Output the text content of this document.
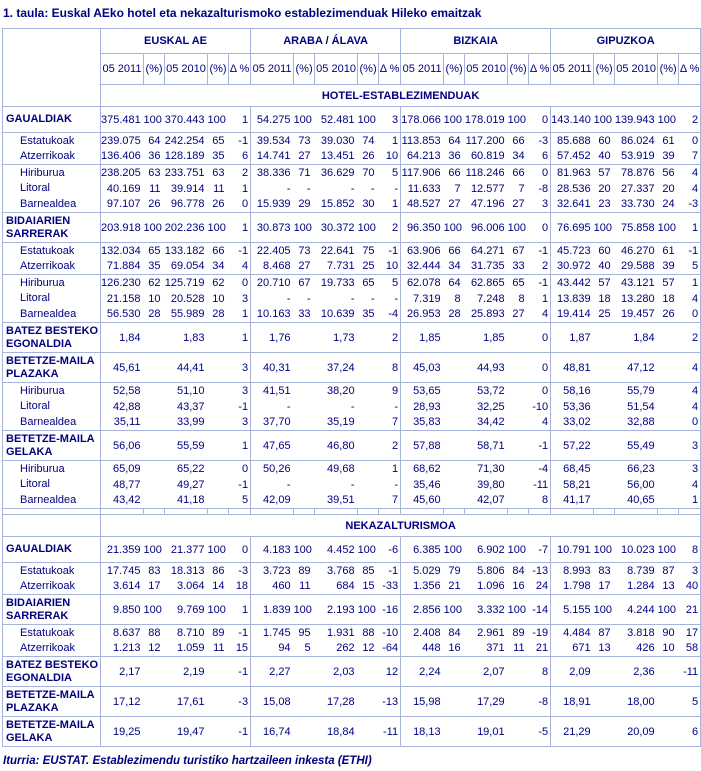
1. taula: Euskal AEko hotel eta nekazalturismoko establezimenduak Hileko emaitzak
	EUSKAL AE					ARABA / ÁLAVA					BIZKAIA					GIPUZKOA				
	05 2011	(%)	05 2010	(%)	Δ %	05 2011	(%)	05 2010	(%)	Δ %	05 2011	(%)	05 2010	(%)	Δ %	05 2011	(%)	05 2010	(%)	Δ %
	HOTEL-ESTABLEZIMENDUAK																			
GAUALDIAK	375.481	100	370.443	100	1	54.275	100	52.481	100	3	178.066	100	178.019	100	0	143.140	100	139.943	100	2
Estatukoak	239.075	64	242.254	65	-1	39.534	73	39.030	74	1	113.853	64	117.200	66	-3	85.688	60	86.024	61	0
Atzerrikoak	136.406	36	128.189	35	6	14.741	27	13.451	26	10	64.213	36	60.819	34	6	57.452	40	53.919	39	7
Hiriburua	238.205	63	233.751	63	2	38.336	71	36.629	70	5	117.906	66	118.246	66	0	81.963	57	78.876	56	4
Litoral	40.169	11	39.914	11	1	-	-	-	-	-	11.633	7	12.577	7	-8	28.536	20	27.337	20	4
Barnealdea	97.107	26	96.778	26	0	15.939	29	15.852	30	1	48.527	27	47.196	27	3	32.641	23	33.730	24	-3
BIDAIARIEN SARRERAK	203.918	100	202.236	100	1	30.873	100	30.372	100	2	96.350	100	96.006	100	0	76.695	100	75.858	100	1
Estatukoak	132.034	65	133.182	66	-1	22.405	73	22.641	75	-1	63.906	66	64.271	67	-1	45.723	60	46.270	61	-1
Atzerrikoak	71.884	35	69.054	34	4	8.468	27	7.731	25	10	32.444	34	31.735	33	2	30.972	40	29.588	39	5
Hiriburua	126.230	62	125.719	62	0	20.710	67	19.733	65	5	62.078	64	62.865	65	-1	43.442	57	43.121	57	1
Litoral	21.158	10	20.528	10	3	-	-	-	-	-	7.319	8	7.248	8	1	13.839	18	13.280	18	4
Barnealdea	56.530	28	55.989	28	1	10.163	33	10.639	35	-4	26.953	28	25.893	27	4	19.414	25	19.457	26	0
BATEZ BESTEKO EGONALDIA	1,84		1,83		1	1,76		1,73		2	1,85		1,85		0	1,87		1,84		2
BETETZE-MAILA PLAZAKA	45,61		44,41		3	40,31		37,24		8	45,03		44,93		0	48,81		47,12		4
Hiriburua	52,58		51,10		3	41,51		38,20		9	53,65		53,72		0	58,16		55,79		4
Litoral	42,88		43,37		-1	-		-		-	28,93		32,25		-10	53,36		51,54		4
Barnealdea	35,11		33,99		3	37,70		35,19		7	35,83		34,42		4	33,02		32,88		0
BETETZE-MAILA GELAKA	56,06		55,59		1	47,65		46,80		2	57,88		58,71		-1	57,22		55,49		3
Hiriburua	65,09		65,22		0	50,26		49,68		1	68,62		71,30		-4	68,45		66,23		3
Litoral	48,77		49,27		-1	-		-		-	35,46		39,80		-11	58,21		56,00		4
Barnealdea	43,42		41,18		5	42,09		39,51		7	45,60		42,07		8	41,17		40,65		1

	NEKAZALTURISMOA																			
GAUALDIAK	21.359	100	21.377	100	0	4.183	100	4.452	100	-6	6.385	100	6.902	100	-7	10.791	100	10.023	100	8
Estatukoak	17.745	83	18.313	86	-3	3.723	89	3.768	85	-1	5.029	79	5.806	84	-13	8.993	83	8.739	87	3
Atzerrikoak	3.614	17	3.064	14	18	460	11	684	15	-33	1.356	21	1.096	16	24	1.798	17	1.284	13	40
BIDAIARIEN SARRERAK	9.850	100	9.769	100	1	1.839	100	2.193	100	-16	2.856	100	3.332	100	-14	5.155	100	4.244	100	21
Estatukoak	8.637	88	8.710	89	-1	1.745	95	1.931	88	-10	2.408	84	2.961	89	-19	4.484	87	3.818	90	17
Atzerrikoak	1.213	12	1.059	11	15	94	5	262	12	-64	448	16	371	11	21	671	13	426	10	58
BATEZ BESTEKO EGONALDIA	2,17		2,19		-1	2,27		2,03		12	2,24		2,07		8	2,09		2,36		-11
BETETZE-MAILA PLAZAKA	17,12		17,61		-3	15,08		17,28		-13	15,98		17,29		-8	18,91		18,00		5
BETETZE-MAILA GELAKA	19,25		19,47		-1	16,74		18,84		-11	18,13		19,01		-5	21,29		20,09		6
Iturria: EUSTAT. Establezimendu turistiko hartzaileen inkesta (ETHI)
